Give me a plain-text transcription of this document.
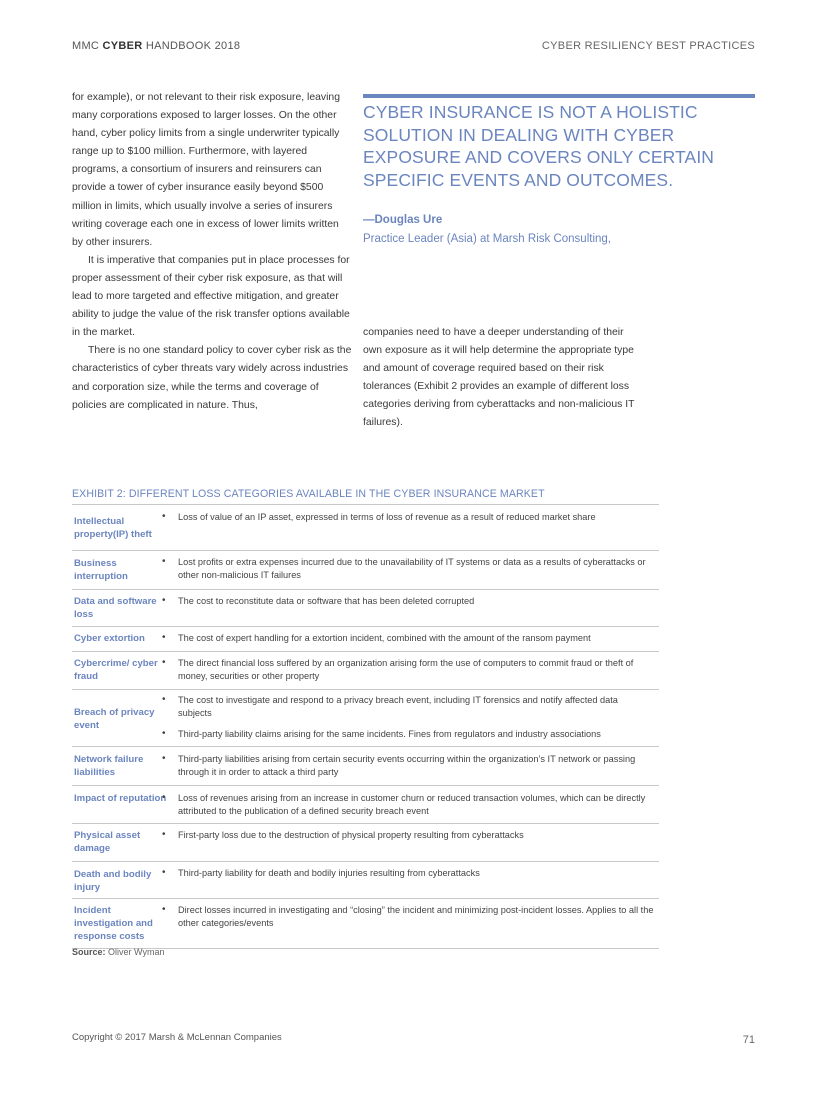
MMC CYBER HANDBOOK 2018	CYBER RESILIENCY BEST PRACTICES

for example), or not relevant to their risk exposure, leaving many corporations exposed to larger losses. On the other hand, cyber policy limits from a single underwriter typically range up to $100 million. Furthermore, with layered programs, a consortium of insurers and reinsurers can provide a tower of cyber insurance easily beyond $500 million in limits, which usually involve a series of insurers writing coverage each one in excess of lower limits written by other insurers.

It is imperative that companies put in place processes for proper assessment of their cyber risk exposure, as that will lead to more targeted and effective mitigation, and greater ability to judge the value of the risk transfer options available in the market.

There is no one standard policy to cover cyber risk as the characteristics of cyber threats vary widely across industries and corporation size, while the terms and coverage of policies are complicated in nature. Thus,

CYBER INSURANCE IS NOT A HOLISTIC SOLUTION IN DEALING WITH CYBER EXPOSURE AND COVERS ONLY CERTAIN SPECIFIC EVENTS AND OUTCOMES.
—Douglas Ure
Practice Leader (Asia) at Marsh Risk Consulting,

companies need to have a deeper understanding of their own exposure as it will help determine the appropriate type and amount of coverage required based on their risk tolerances (Exhibit 2 provides an example of different loss categories deriving from cyberattacks and non-malicious IT failures).

EXHIBIT 2: DIFFERENT LOSS CATEGORIES AVAILABLE IN THE CYBER INSURANCE MARKET
Intellectual property(IP) theft
• Loss of value of an IP asset, expressed in terms of loss of revenue as a result of reduced market share
Business interruption
• Lost profits or extra expenses incurred due to the unavailability of IT systems or data as a results of cyberattacks or other non-malicious IT failures
Data and software loss
• The cost to reconstitute data or software that has been deleted corrupted
Cyber extortion	• The cost of expert handling for a extortion incident, combined with the amount of the ransom payment
Cybercrime/ cyber fraud
• The direct financial loss suffered by an organization arising form the use of computers to commit fraud or theft of money, securities or other property
Breach of privacy event
• The cost to investigate and respond to a privacy breach event, including IT forensics and notify affected data subjects
• Third-party liability claims arising for the same incidents. Fines from regulators and industry associations
Network failure liabilities
• Third-party liabilities arising from certain security events occurring within the organization’s IT network or passing through it in order to attack a third party
Impact of reputation	• Loss of revenues arising from an increase in customer churn or reduced transaction volumes, which can be directly attributed to the publication of a defined security breach event
Physical asset damage
• First-party loss due to the destruction of physical property resulting from cyberattacks
Death and bodily injury
• Third-party liability for death and bodily injuries resulting from cyberattacks
Incident investigation and response costs
• Direct losses incurred in investigating and “closing” the incident and minimizing post-incident losses. Applies to all the other categories/events
Source: Oliver Wyman
Copyright © 2017 Marsh & McLennan Companies	71
